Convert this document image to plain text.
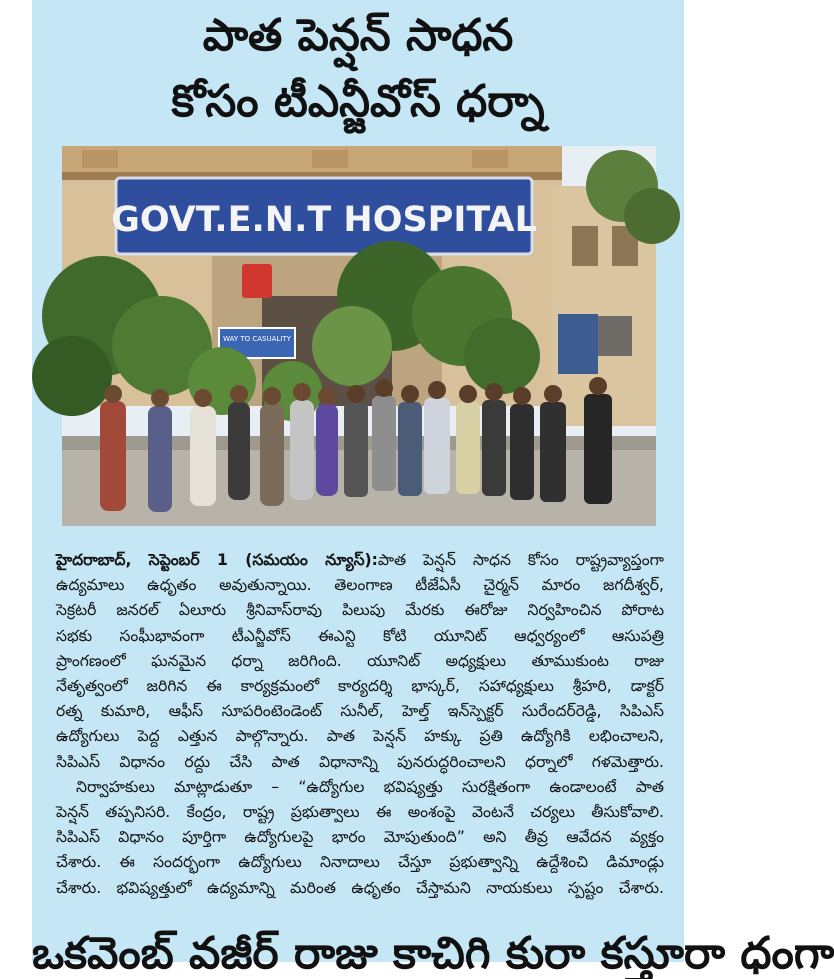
పాత పెన్షన్ సాధన
కోసం టీఎన్జీవోస్ ధర్నా
GOVT.E.N.T HOSPITAL
WAY TO CASUALITY
హైదరాబాద్, సెప్టెంబర్ 1 (సమయం న్యూస్):పాత పెన్షన్ సాధన కోసం రాష్ట్రవ్యాప్తంగా
ఉద్యమాలు ఉధృతం అవుతున్నాయి. తెలంగాణ టీజేఏసీ చైర్మన్ మారం జగదీశ్వర్,
సెక్రటరీ జనరల్ ఏలూరు శ్రీనివాస్‌రావు పిలుపు మేరకు ఈరోజు నిర్వహించిన పోరాట
సభకు సంఘీభావంగా టీఎన్జీవోస్ ఈఎన్టి కోటి యూనిట్ ఆధ్వర్యంలో ఆసుపత్రి
ప్రాంగణంలో ఘనమైన ధర్నా జరిగింది. యూనిట్ అధ్యక్షులు తూముకుంట రాజు
నేతృత్వంలో జరిగిన ఈ కార్యక్రమంలో కార్యదర్శి భాస్కర్, సహాధ్యక్షులు శ్రీహరి, డాక్టర్
రత్న కుమారి, ఆఫీస్ సూపరింటెండెంట్ సునీల్, హెల్త్ ఇన్‌స్పెక్టర్ సురేందర్‌రెడ్డి, సిపిఎస్
ఉద్యోగులు పెద్ద ఎత్తున పాల్గొన్నారు. పాత పెన్షన్ హక్కు ప్రతి ఉద్యోగికి లభించాలని,
సిపిఎస్ విధానం రద్దు చేసి పాత విధానాన్ని పునరుద్ధరించాలని ధర్నాలో గళమెత్తారు.
నిర్వాహకులు మాట్లాడుతూ – “ఉద్యోగుల భవిష్యత్తు సురక్షితంగా ఉండాలంటే పాత
పెన్షన్ తప్పనిసరి. కేంద్రం, రాష్ట్ర ప్రభుత్వాలు ఈ అంశంపై వెంటనే చర్యలు తీసుకోవాలి.
సిపిఎస్ విధానం పూర్తిగా ఉద్యోగులపై భారం మోపుతుంది” అని తీవ్ర ఆవేదన వ్యక్తం
చేశారు. ఈ సందర్భంగా ఉద్యోగులు నినాదాలు చేస్తూ ప్రభుత్వాన్ని ఉద్దేశించి డిమాండ్లు
చేశారు. భవిష్యత్తులో ఉద్యమాన్ని మరింత ఉధృతం చేస్తామని నాయకులు స్పష్టం చేశారు.
ఒకవెంబ్ వజీర్ రాజు కాచిగి కురా కస్తూరా ధంగా
